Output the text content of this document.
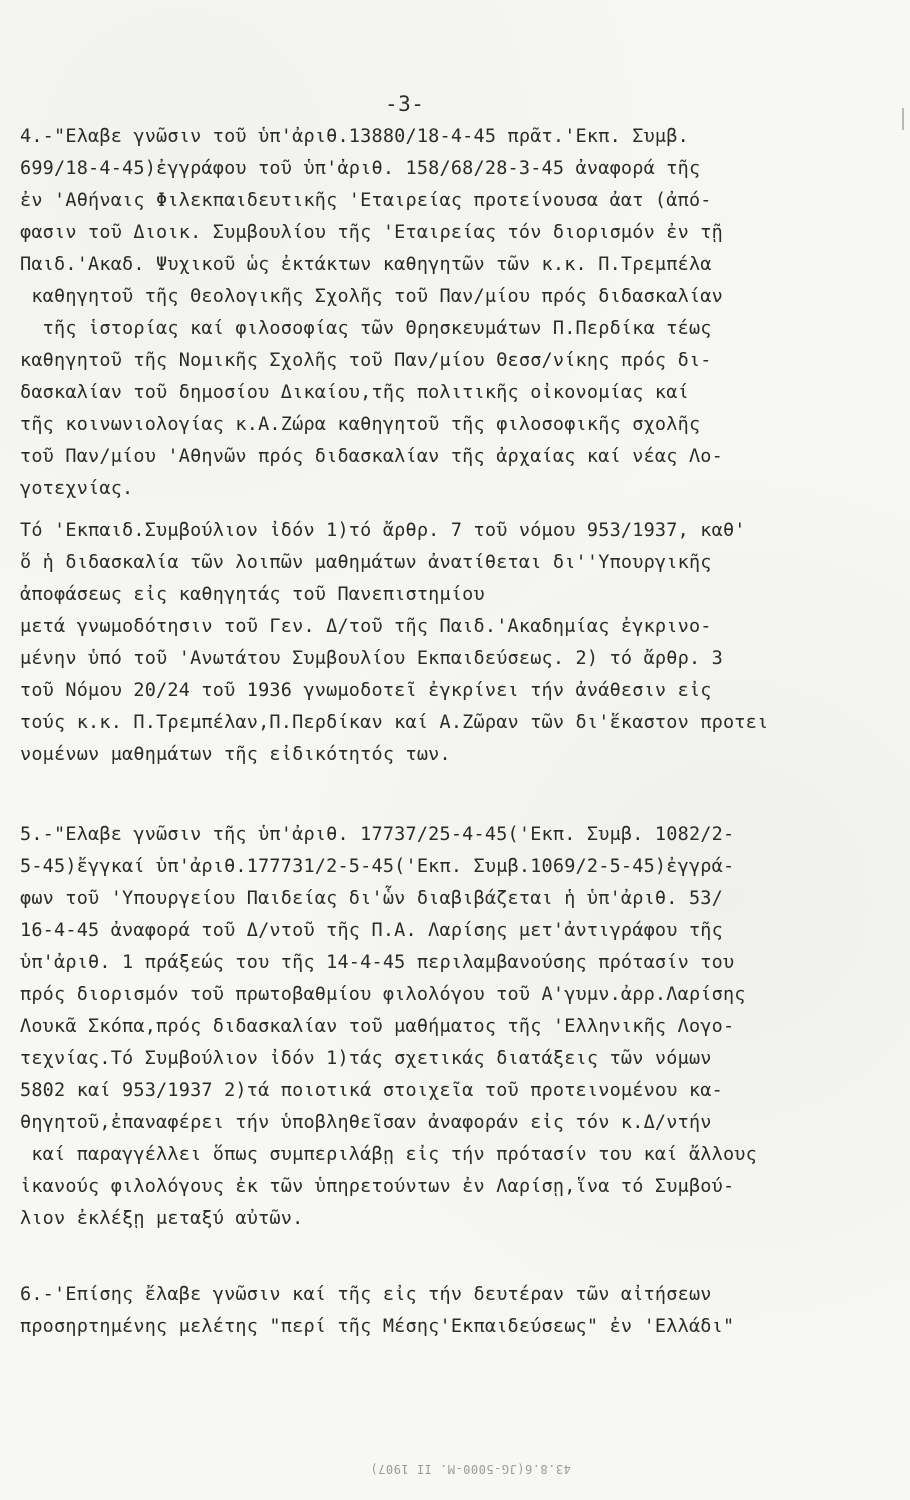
-3-
4.-"Ελαβε γνῶσιν τοῦ ὑπ'ἀριθ.13880/18-4-45 πρᾶτ.'Εκπ. Συμβ.
699/18-4-45)ἐγγράφου τοῦ ὑπ'ἀριθ. 158/68/28-3-45 ἀναφορά τῆς
ἐν 'Αθήναις Φιλεκπαιδευτικῆς 'Εταιρείας προτείνουσα ἀατ (ἀπό-
φασιν τοῦ Διοικ. Συμβουλίου τῆς 'Εταιρείας τόν διορισμόν ἐν τῇ
Παιδ.'Ακαδ. Ψυχικοῦ ὡς ἐκτάκτων καθηγητῶν τῶν κ.κ. Π.Τρεμπέλα
καθηγητοῦ τῆς Θεολογικῆς Σχολῆς τοῦ Παν/μίου πρός διδασκαλίαν
τῆς ἱστορίας καί φιλοσοφίας τῶν Θρησκευμάτων Π.Περδίκα τέως
καθηγητοῦ τῆς Νομικῆς Σχολῆς τοῦ Παν/μίου Θεσσ/νίκης πρός δι-
δασκαλίαν τοῦ δημοσίου Δικαίου,τῆς πολιτικῆς οἰκονομίας καί
τῆς κοινωνιολογίας κ.Α.Ζώρα καθηγητοῦ τῆς φιλοσοφικῆς σχολῆς
τοῦ Παν/μίου 'Αθηνῶν πρός διδασκαλίαν τῆς ἀρχαίας καί νέας Λο-
γοτεχνίας.
Τό 'Εκπαιδ.Συμβούλιον ἰδόν 1)τό ἄρθρ. 7 τοῦ νόμου 953/1937, καθ'
ὅ ἡ διδασκαλία τῶν λοιπῶν μαθημάτων ἀνατίθεται δι''Υπουργικῆς
ἀποφάσεως εἰς καθηγητάς τοῦ Πανεπιστημίου
μετά γνωμοδότησιν τοῦ Γεν. Δ/τοῦ τῆς Παιδ.'Ακαδημίας ἐγκρινο-
μένην ὑπό τοῦ 'Ανωτάτου Συμβουλίου Εκπαιδεύσεως. 2) τό ἄρθρ. 3
τοῦ Νόμου 20/24 τοῦ 1936 γνωμοδοτεῖ ἐγκρίνει τήν ἀνάθεσιν εἰς
τούς κ.κ. Π.Τρεμπέλαν,Π.Περδίκαν καί Α.Ζῶραν τῶν δι'ἕκαστον προτει
νομένων μαθημάτων τῆς εἰδικότητός των.
5.-"Ελαβε γνῶσιν τῆς ὑπ'ἀριθ. 17737/25-4-45('Εκπ. Συμβ. 1082/2-
5-45)ἔγγκαί ὑπ'ἀριθ.177731/2-5-45('Εκπ. Συμβ.1069/2-5-45)ἐγγρά-
φων τοῦ 'Υπουργείου Παιδείας δι'ὧν διαβιβάζεται ἡ ὑπ'ἀριθ. 53/
16-4-45 ἀναφορά τοῦ Δ/ντοῦ τῆς Π.Α. Λαρίσης μετ'ἀντιγράφου τῆς
ὑπ'ἀριθ. 1 πράξεώς του τῆς 14-4-45 περιλαμβανούσης πρότασίν του
πρός διορισμόν τοῦ πρωτοβαθμίου φιλολόγου τοῦ Α'γυμν.ἀρρ.Λαρίσης
Λουκᾶ Σκόπα,πρός διδασκαλίαν τοῦ μαθήματος τῆς 'Ελληνικῆς Λογο-
τεχνίας.Τό Συμβούλιον ἰδόν 1)τάς σχετικάς διατάξεις τῶν νόμων
5802 καί 953/1937 2)τά ποιοτικά στοιχεῖα τοῦ προτεινομένου κα-
θηγητοῦ,ἐπαναφέρει τήν ὑποβληθεῖσαν ἀναφοράν εἰς τόν κ.Δ/ντήν
καί παραγγέλλει ὅπως συμπεριλάβῃ εἰς τήν πρότασίν του καί ἄλλους
ἱκανούς φιλολόγους ἐκ τῶν ὑπηρετούντων ἐν Λαρίσῃ,ἵνα τό Συμβού-
λιον ἐκλέξῃ μεταξύ αὐτῶν.
6.-'Επίσης ἔλαβε γνῶσιν καί τῆς εἰς τήν δευτέραν τῶν αἰτήσεων
προσηρτημένης μελέτης "περί τῆς Μέσης'Εκπαιδεύσεως" ἐν 'Ελλάδι"
43.8.6(JG-5000-M. II 1907)
